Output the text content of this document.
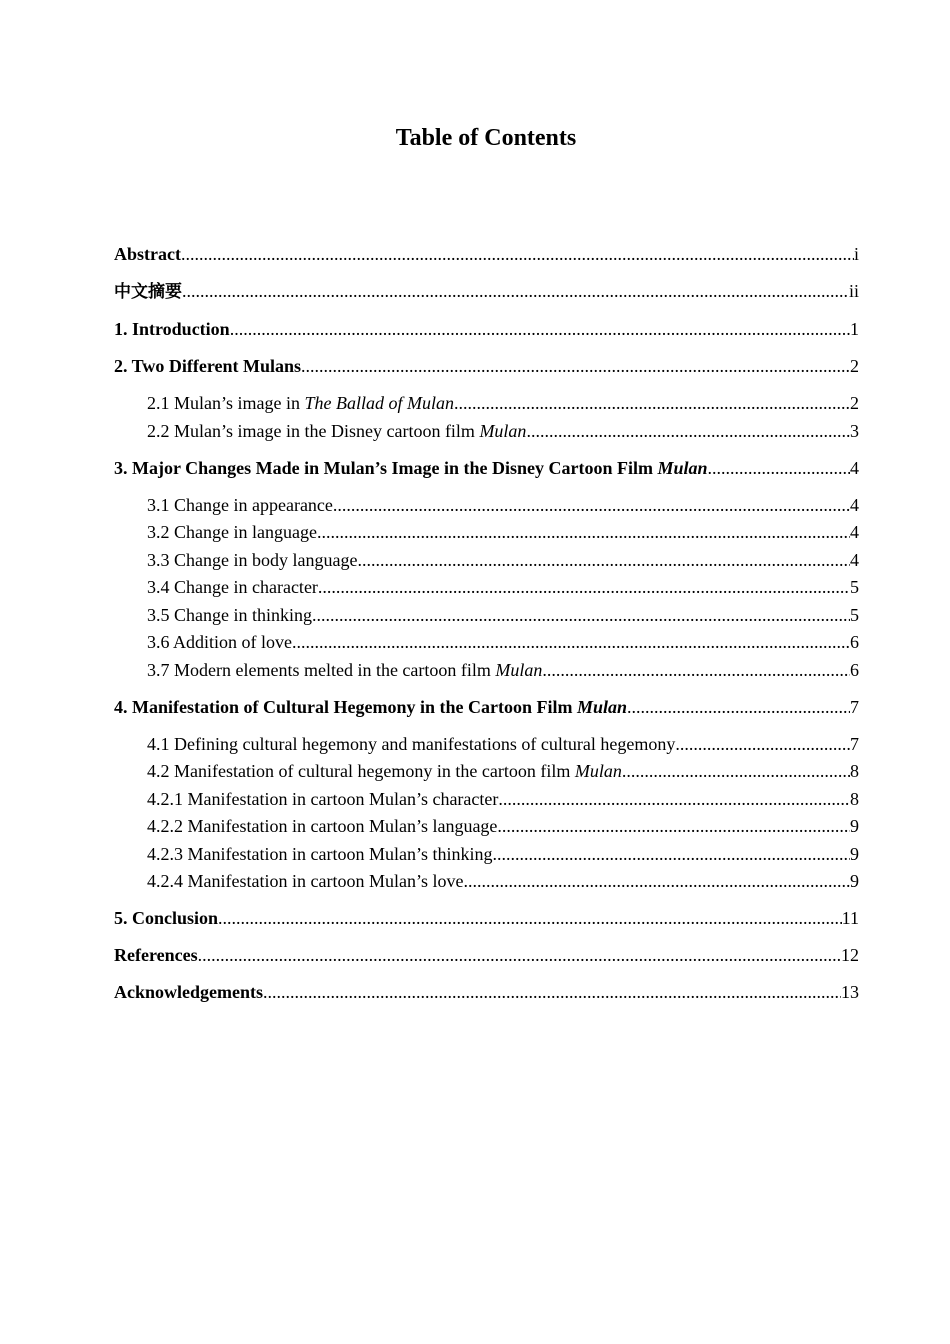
Table of Contents
Abstract .....	i
中文摘要 .....	ii
1. Introduction .....	1
2. Two Different Mulans .....	2
2.1 Mulan’s image in The Ballad of Mulan .....	2
2.2 Mulan’s image in the Disney cartoon film Mulan .....	3
3. Major Changes Made in Mulan’s Image in the Disney Cartoon Film Mulan .....	4
3.1 Change in appearance .....	4
3.2 Change in language .....	4
3.3 Change in body language .....	4
3.4 Change in character .....	5
3.5 Change in thinking .....	5
3.6 Addition of love .....	6
3.7 Modern elements melted in the cartoon film Mulan .....	6
4. Manifestation of Cultural Hegemony in the Cartoon Film Mulan .....	7
4.1 Defining cultural hegemony and manifestations of cultural hegemony .....	7
4.2 Manifestation of cultural hegemony in the cartoon film Mulan .....	8
4.2.1 Manifestation in cartoon Mulan’s character .....	8
4.2.2 Manifestation in cartoon Mulan’s language .....	9
4.2.3 Manifestation in cartoon Mulan’s thinking .....	9
4.2.4 Manifestation in cartoon Mulan’s love .....	9
5. Conclusion .....	11
References .....	12
Acknowledgements .....	13
